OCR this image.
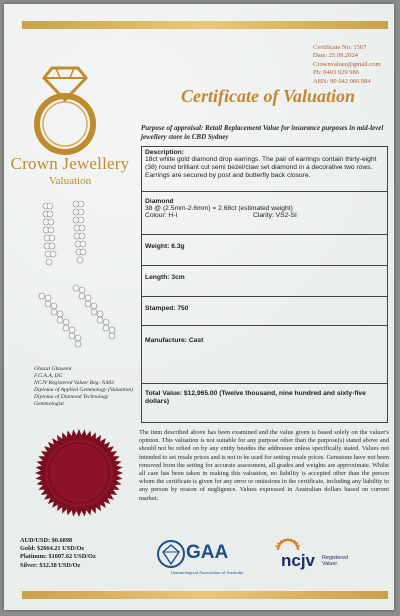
Crown Jewellery
Valuation
Certificate No: 1567
Date: 25.09.2024
Crownvaluer@gmail.com
Ph: 0403 029 986
ABN: 90 642 066 984
Certificate of Valuation
Purpose of appraisal: Retail Replacement Value for insurance purposes in mid-level jewellery store in CBD Sydney
Description:
18ct white gold diamond drop earrings. The pair of earrings contain thirty-eight (38) round brilliant cut semi bezel/claw set diamond in a decorative two rows. Earrings are secured by post and butterfly back closure.
Diamond
38 @ (2.5mm-2.6mm) = 2.68ct (estimated weight)
Colour: H-I	Clarity: VS2-SI
Weight: 6.3g
Length: 3cm
Stamped: 750
Manufacture: Cast
Total Value: $12,965.00 (Twelve thousand, nine hundred and sixty-five dollars)
Ghazal Ghasemi
F.G.A.A, DG
NCJV Registered Valuer Reg: N483
Diploma of Applied Gemmology (Valuation)
Diploma of Diamond Technology
Gemmologist
The item described above has been examined and the value given is based solely on the valuer's opinion. This valuation is not suitable for any purpose other than the purpose(s) stated above and should not be relied on by any entity besides the addressee unless specifically stated. Values not intended to set resale prices and is not to be used for setting resale prices. Gemstone have not been removed from the setting for accurate assessment, all grades and weights are approximate. Whilst all care has been taken in making this valuation, no liability is accepted other than the person whom the certificate is given for any error or omissions in the certificate, including any liability to any person by reason of negligence. Values expressed in Australian dollars based on current market.
AUD/USD: $0.6898
Gold: $2664.21 USD/Oz
Platinum: $1007.62 USD/Oz
Silver: $32.38 USD/Oz
GAA
Gemmological Association of Australia
ncjv Registered
Valuer
